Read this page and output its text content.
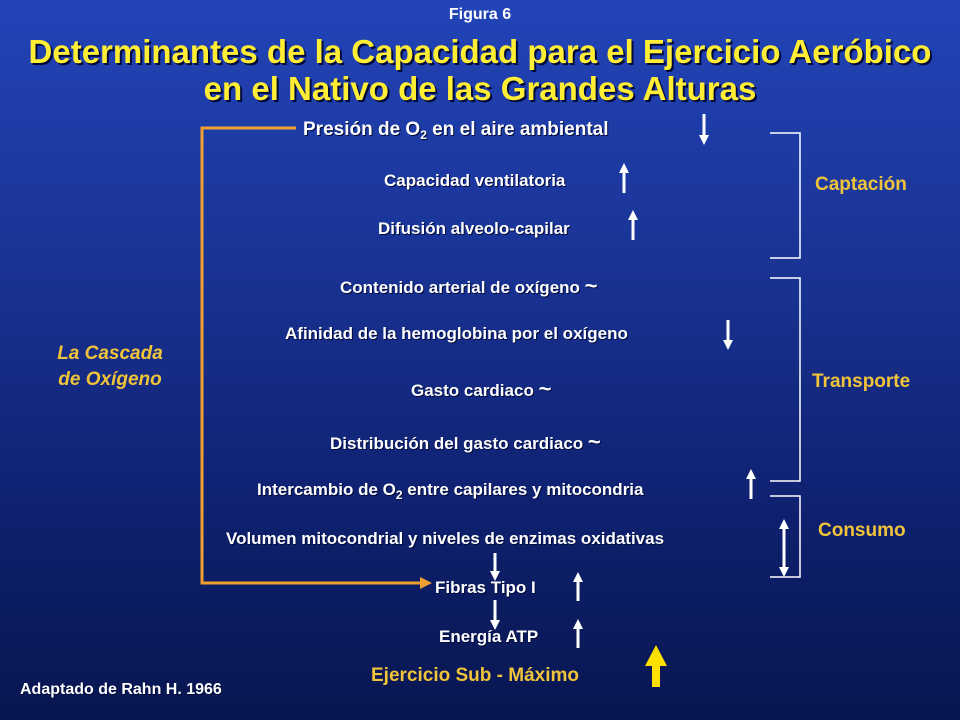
Figura 6
Determinantes de la Capacidad para el Ejercicio Aeróbico
en el Nativo de las Grandes Alturas
Presión de $O_2$ en el aire ambiental
Capacidad ventilatoria
Difusión alveolo-capilar
Contenido arterial de oxígeno ~
Afinidad de la hemoglobina por el oxígeno
Gasto cardiaco ~
Distribución del gasto cardiaco ~
Intercambio de $O_2$ entre capilares y mitocondria
Volumen mitocondrial y niveles de enzimas oxidativas
Fibras Tipo I
Energía ATP
Ejercicio Sub - Máximo
Captación
Transporte
Consumo
La Cascada
de Oxígeno
Adaptado de Rahn H. 1966
